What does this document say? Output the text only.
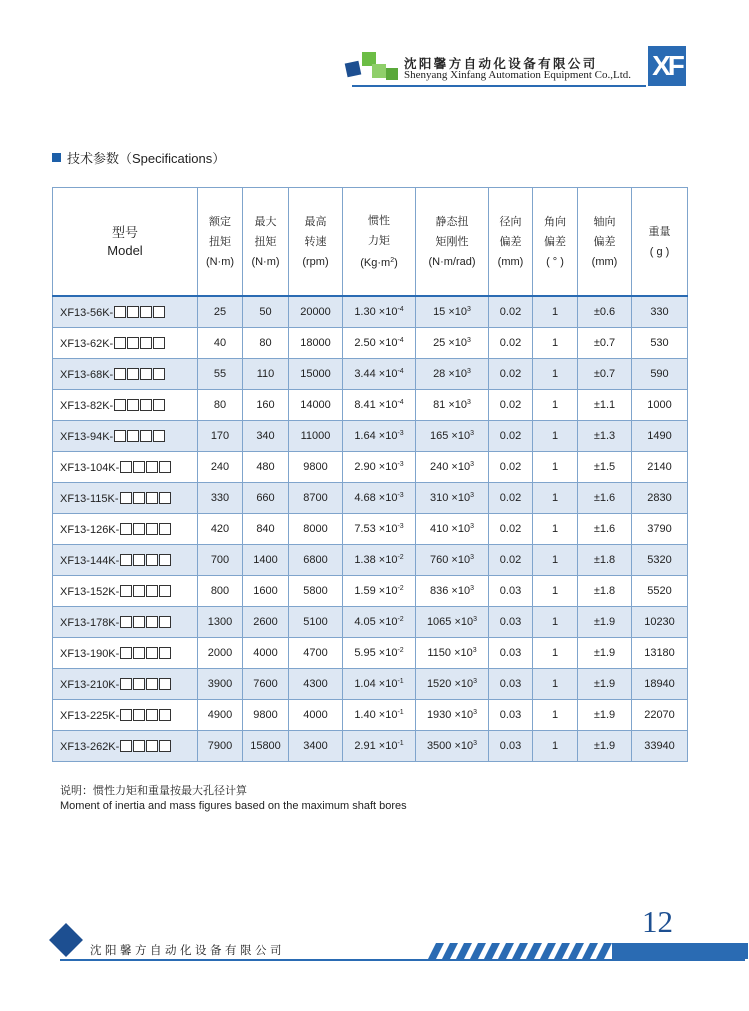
沈阳馨方自动化设备有限公司
Shenyang Xinfang Automation Equipment Co.,Ltd. XF
技术参数（Specifications）
型号
Model	额定
扭矩
(N·m)	最大
扭矩
(N·m)	最高
转速
(rpm)	惯性
力矩
$(Kg\cdot m^2)$	静态扭
矩刚性
(N·m/rad)	径向
偏差
(mm)	角向
偏差
( ° )	轴向
偏差
(mm)	重量
( g )
XF13-56K-	25	50	20000	$1.30 \times 10^{-4}$	$15 \times 10^3$	0.02	1	±0.6	330
XF13-62K-	40	80	18000	$2.50 \times 10^{-4}$	$25 \times 10^3$	0.02	1	±0.7	530
XF13-68K-	55	110	15000	$3.44 \times 10^{-4}$	$28 \times 10^3$	0.02	1	±0.7	590
XF13-82K-	80	160	14000	$8.41 \times 10^{-4}$	$81 \times 10^3$	0.02	1	±1.1	1000
XF13-94K-	170	340	11000	$1.64 \times 10^{-3}$	$165 \times 10^3$	0.02	1	±1.3	1490
XF13-104K-	240	480	9800	$2.90 \times 10^{-3}$	$240 \times 10^3$	0.02	1	±1.5	2140
XF13-115K-	330	660	8700	$4.68 \times 10^{-3}$	$310 \times 10^3$	0.02	1	±1.6	2830
XF13-126K-	420	840	8000	$7.53 \times 10^{-3}$	$410 \times 10^3$	0.02	1	±1.6	3790
XF13-144K-	700	1400	6800	$1.38 \times 10^{-2}$	$760 \times 10^3$	0.02	1	±1.8	5320
XF13-152K-	800	1600	5800	$1.59 \times 10^{-2}$	$836 \times 10^3$	0.03	1	±1.8	5520
XF13-178K-	1300	2600	5100	$4.05 \times 10^{-2}$	$1065 \times 10^3$	0.03	1	±1.9	10230
XF13-190K-	2000	4000	4700	$5.95 \times 10^{-2}$	$1150 \times 10^3$	0.03	1	±1.9	13180
XF13-210K-	3900	7600	4300	$1.04 \times 10^{-1}$	$1520 \times 10^3$	0.03	1	±1.9	18940
XF13-225K-	4900	9800	4000	$1.40 \times 10^{-1}$	$1930 \times 10^3$	0.03	1	±1.9	22070
XF13-262K-	7900	15800	3400	$2.91 \times 10^{-1}$	$3500 \times 10^3$	0.03	1	±1.9	33940
说明：惯性力矩和重量按最大孔径计算
Moment of inertia and mass figures based on the maximum shaft bores
12
沈阳馨方自动化设备有限公司
